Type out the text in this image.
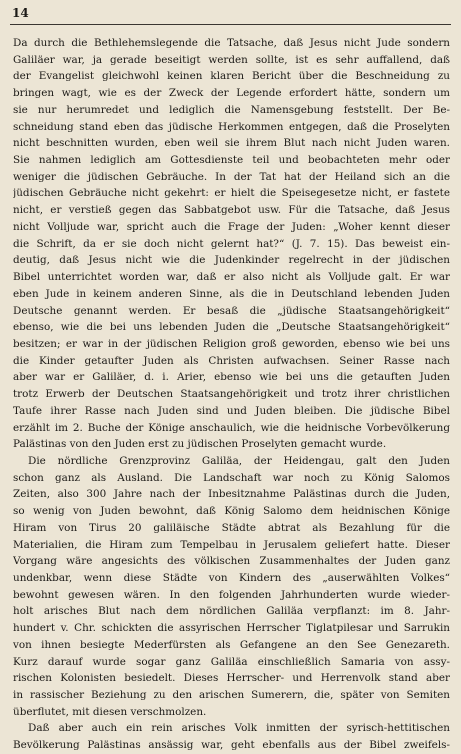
14
Da durch die Bethlehemslegende die Tatsache, daß Jesus nicht Jude sondern
Galiläer war, ja gerade beseitigt werden sollte, ist es sehr auffallend, daß
der Evangelist gleichwohl keinen klaren Bericht über die Beschneidung zu
bringen wagt, wie es der Zweck der Legende erfordert hätte, sondern um
sie nur herumredet und lediglich die Namensgebung feststellt. Der Be-
schneidung stand eben das jüdische Herkommen entgegen, daß die Proselyten
nicht beschnitten wurden, eben weil sie ihrem Blut nach nicht Juden waren.
Sie nahmen lediglich am Gottesdienste teil und beobachteten mehr oder
weniger die jüdischen Gebräuche. In der Tat hat der Heiland sich an die
jüdischen Gebräuche nicht gekehrt: er hielt die Speisegesetze nicht, er fastete
nicht, er verstieß gegen das Sabbatgebot usw. Für die Tatsache, daß Jesus
nicht Volljude war, spricht auch die Frage der Juden: „Woher kennt dieser
die Schrift, da er sie doch nicht gelernt hat?“ (J. 7. 15). Das beweist ein-
deutig, daß Jesus nicht wie die Judenkinder regelrecht in der jüdischen
Bibel unterrichtet worden war, daß er also nicht als Volljude galt. Er war
eben Jude in keinem anderen Sinne, als die in Deutschland lebenden Juden
Deutsche genannt werden. Er besaß die „jüdische Staatsangehörigkeit“
ebenso, wie die bei uns lebenden Juden die „Deutsche Staatsangehörigkeit“
besitzen; er war in der jüdischen Religion groß geworden, ebenso wie bei uns
die Kinder getaufter Juden als Christen aufwachsen. Seiner Rasse nach
aber war er Galiläer, d. i. Arier, ebenso wie bei uns die getauften Juden
trotz Erwerb der Deutschen Staatsangehörigkeit und trotz ihrer christlichen
Taufe ihrer Rasse nach Juden sind und Juden bleiben. Die jüdische Bibel
erzählt im 2. Buche der Könige anschaulich, wie die heidnische Vorbevölkerung
Palästinas von den Juden erst zu jüdischen Proselyten gemacht wurde.
Die nördliche Grenzprovinz Galiläa, der Heidengau, galt den Juden
schon ganz als Ausland. Die Landschaft war noch zu König Salomos
Zeiten, also 300 Jahre nach der Inbesitznahme Palästinas durch die Juden,
so wenig von Juden bewohnt, daß König Salomo dem heidnischen Könige
Hiram von Tirus 20 galiläische Städte abtrat als Bezahlung für die
Materialien, die Hiram zum Tempelbau in Jerusalem geliefert hatte. Dieser
Vorgang wäre angesichts des völkischen Zusammenhaltes der Juden ganz
undenkbar, wenn diese Städte von Kindern des „auserwählten Volkes“
bewohnt gewesen wären. In den folgenden Jahrhunderten wurde wieder-
holt arisches Blut nach dem nördlichen Galiläa verpflanzt: im 8. Jahr-
hundert v. Chr. schickten die assyrischen Herrscher Tiglatpilesar und Sarrukin
von ihnen besiegte Mederfürsten als Gefangene an den See Genezareth.
Kurz darauf wurde sogar ganz Galiläa einschließlich Samaria von assy-
rischen Kolonisten besiedelt. Dieses Herrscher- und Herrenvolk stand aber
in rassischer Beziehung zu den arischen Sumerern, die, später von Semiten
überflutet, mit diesen verschmolzen.
Daß aber auch ein rein arisches Volk inmitten der syrisch-hettitischen
Bevölkerung Palästinas ansässig war, geht ebenfalls aus der Bibel zweifels-
